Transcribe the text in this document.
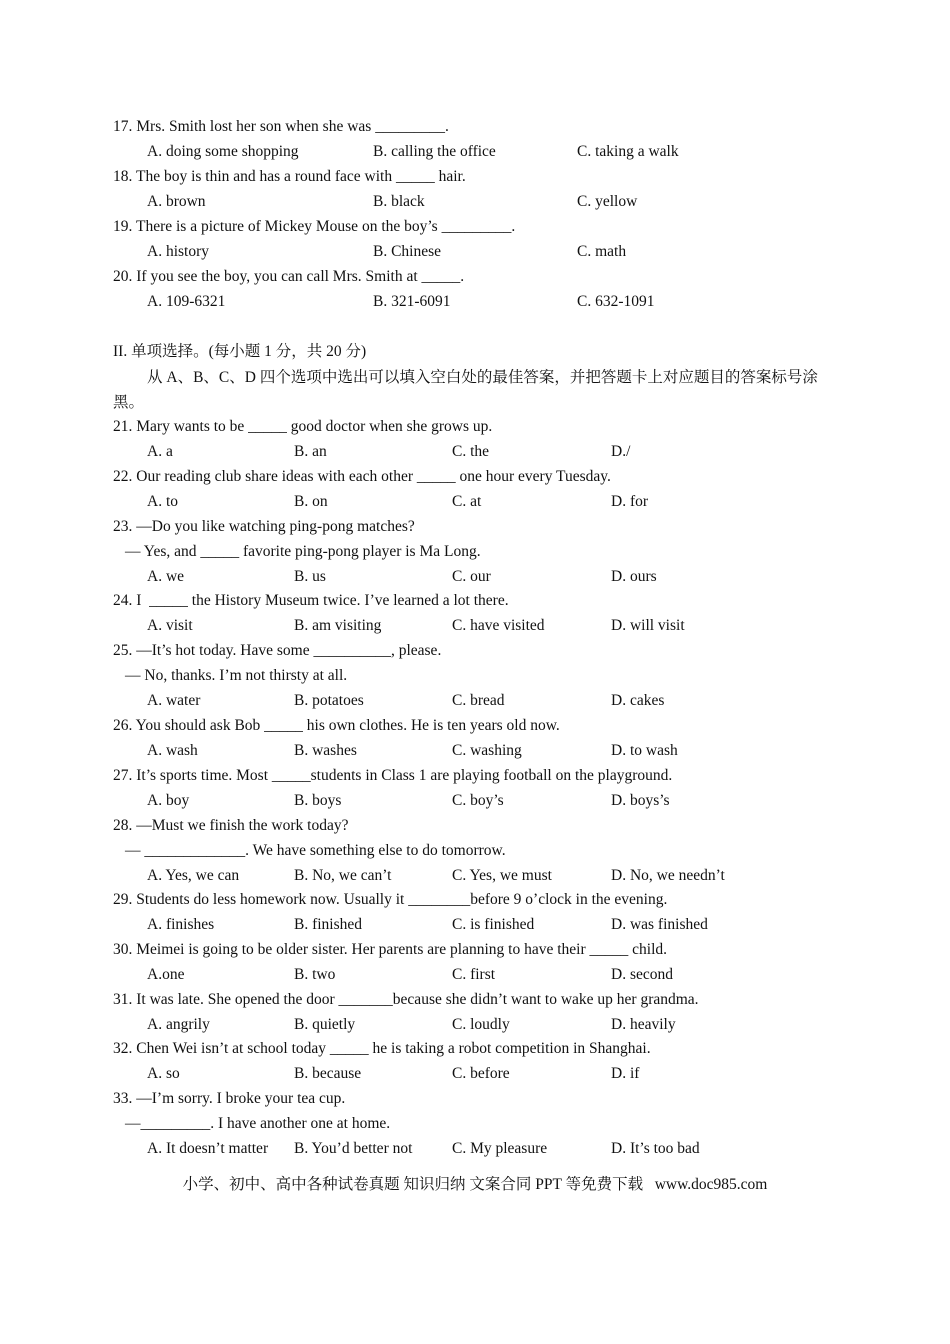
17. Mrs. Smith lost her son when she was _________.
A. doing some shopping	B. calling the office	C. taking a walk
18. The boy is thin and has a round face with _____ hair.
A. brown	B. black	C. yellow
19. There is a picture of Mickey Mouse on the boy’s _________.
A. history	B. Chinese	C. math
20. If you see the boy, you can call Mrs. Smith at _____.
A. 109-6321	B. 321-6091	C. 632-1091
II. 单项选择。(每小题 1 分，共 20 分)
从 A、B、C、D 四个选项中选出可以填入空白处的最佳答案，并把答题卡上对应题目的答案标号涂黑。
21. Mary wants to be _____ good doctor when she grows up.
A. a	B. an	C. the	D./
22. Our reading club share ideas with each other _____ one hour every Tuesday.
A. to	B. on	C. at	D. for
23. —Do you like watching ping-pong matches?
— Yes, and _____ favorite ping-pong player is Ma Long.
A. we	B. us	C. our	D. ours
24. I  _____ the History Museum twice. I’ve learned a lot there.
A. visit	B. am visiting	C. have visited	D. will visit
25. —It’s hot today. Have some __________, please.
— No, thanks. I’m not thirsty at all.
A. water	B. potatoes	C. bread	D. cakes
26. You should ask Bob _____ his own clothes. He is ten years old now.
A. wash	B. washes	C. washing	D. to wash
27. It’s sports time. Most _____students in Class 1 are playing football on the playground.
A. boy	B. boys	C. boy’s	D. boys’s
28. —Must we finish the work today?
— _____________. We have something else to do tomorrow.
A. Yes, we can	B. No, we can’t	C. Yes, we must	D. No, we needn’t
29. Students do less homework now. Usually it ________before 9 o’clock in the evening.
A. finishes	B. finished	C. is finished	D. was finished
30. Meimei is going to be older sister. Her parents are planning to have their _____ child.
A.one	B. two	C. first	D. second
31. It was late. She opened the door _______because she didn’t want to wake up her grandma.
A. angrily	B. quietly	C. loudly	D. heavily
32. Chen Wei isn’t at school today _____ he is taking a robot competition in Shanghai.
A. so	B. because	C. before	D. if
33. —I’m sorry. I broke your tea cup.
—_________. I have another one at home.
A. It doesn’t matter B. You’d better not	C. My pleasure	D. It’s too bad
小学、初中、高中各种试卷真题 知识归纳 文案合同 PPT 等免费下载   www.doc985.com
